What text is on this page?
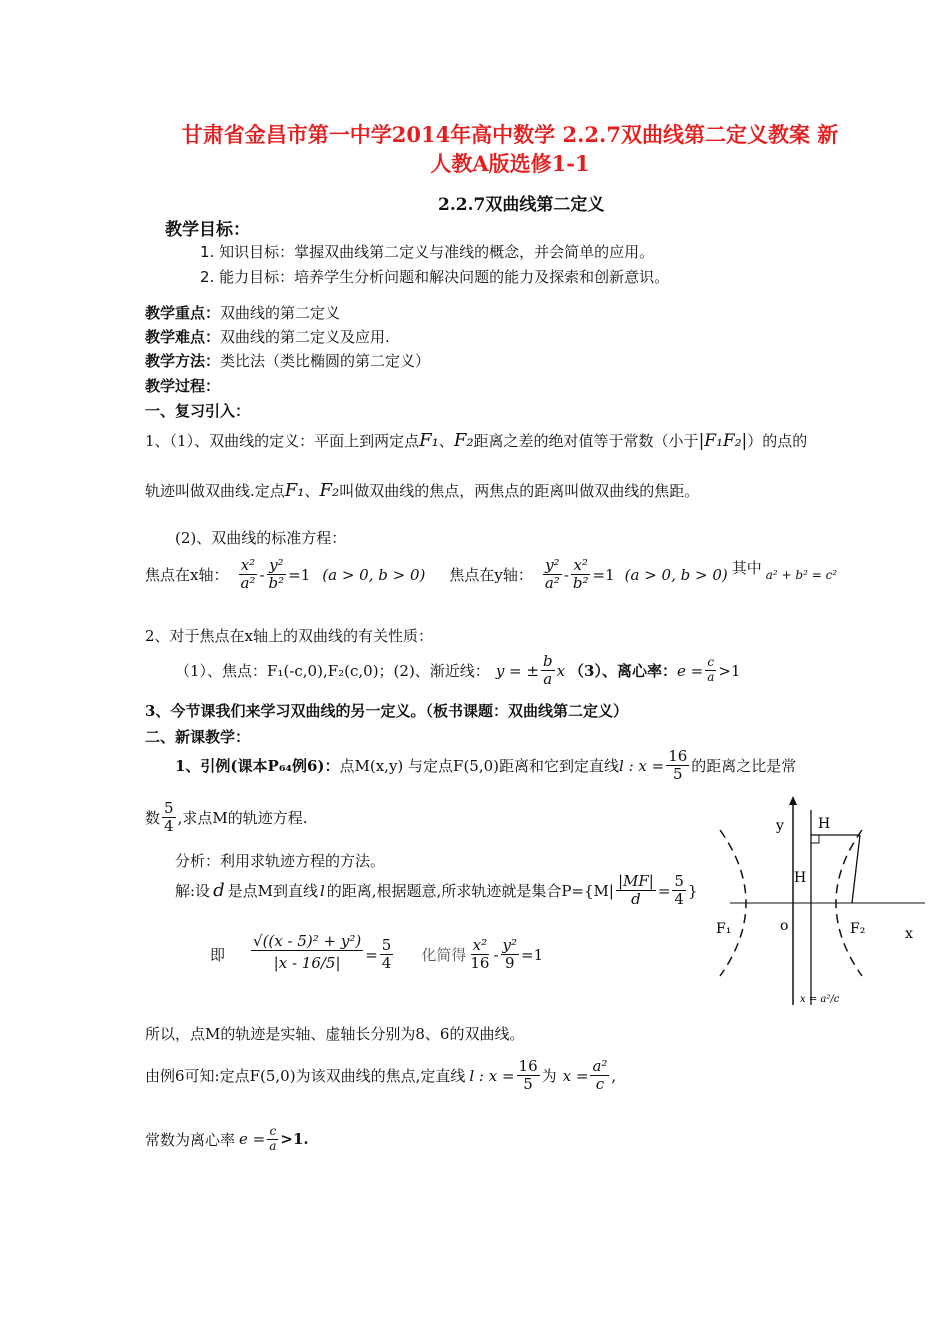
甘肃省金昌市第一中学2014年高中数学 2.2.7双曲线第二定义教案 新
人教A版选修1-1
2.2.7双曲线第二定义
教学目标：
1. 知识目标：掌握双曲线第二定义与准线的概念，并会简单的应用。
2. 能力目标：培养学生分析问题和解决问题的能力及探索和创新意识。
教学重点：双曲线的第二定义
教学难点：双曲线的第二定义及应用.
教学方法：类比法（类比椭圆的第二定义）
教学过程：
一、复习引入：
1、（1）、双曲线的定义：平面上到两定点F₁、F₂距离之差的绝对值等于常数（小于|F₁F₂|）的点的
轨迹叫做双曲线.定点F₁、F₂叫做双曲线的焦点，两焦点的距离叫做双曲线的焦距。
(2)、双曲线的标准方程：
焦点在x轴： $\frac{\text{x²}}{\text{a²}} - \frac{\text{y²}}{\text{b²}} =1$ (a > 0, b > 0) 焦点在y轴： $\frac{\text{y²}}{\text{a²}} - \frac{\text{x²}}{\text{b²}} =1$ (a > 0, b > 0) 其中 a² + b² = c²
2、对于焦点在x轴上的双曲线的有关性质：
（1）、焦点：F₁(-c,0),F₂(c,0)；(2)、渐近线： y = ± $\frac{b}{a}$ x （3）、离心率： $e = \frac{c}{a} >1$
3、今节课我们来学习双曲线的另一定义。（板书课题：双曲线第二定义）
二、新课教学：
1、引例(课本P₆₄例6)： 点M(x,y) 与定点F(5,0)距离和它到定直线 l : $x = \frac{16}{5}$ 的距离之比是常
数 $\frac{5}{4}$ ,求点M的轨迹方程.
分析：利用求轨迹方程的方法。
解:设 d 是点M到直线 l 的距离,根据题意,所求轨迹就是集合$P=\{M| \frac{|MF|}{d} = \frac{5}{4}$ }
即 $\frac{\text{√((x - 5)² + y²)}}{|x - 16/5|} = \frac{5}{4}$ 化简得 $\frac{\text{x²}}{16} - \frac{\text{y²}}{9} =1$
所以，点M的轨迹是实轴、虚轴长分别为8、6的双曲线。
由例6可知:定点F(5,0)为该双曲线的焦点,定直线 l : $x = \frac{16}{5}$ 为 $x = \frac{\text{a²}}{c}$ ,
常数为离心率 $e = \frac{c}{a} >1$ .
y H
H
o
F₁	F₂	x
x = a²/c
